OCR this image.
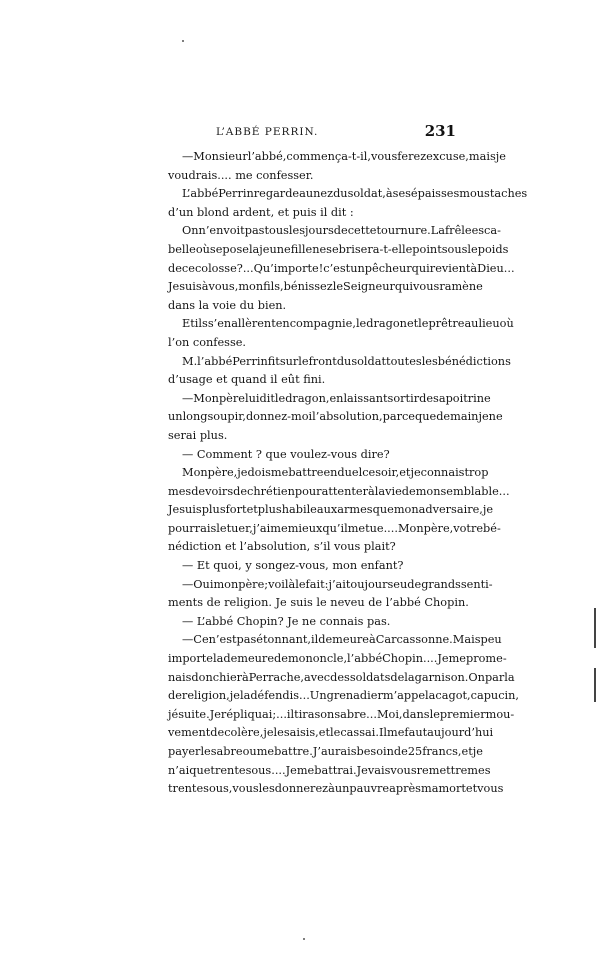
L’ABBÉ PERRIN.	231
— Monsieur l’abbé, commença-t-il, vous ferez excuse, mais je
voudrais.... me confesser.
L’abbé Perrin regarde au nez du soldat, à ses épaisses moustaches
d’un blond ardent, et puis il dit :
On n’en voit pas tous les jours de cette tournure. La frêle esca-
belle où se pose la jeune fille ne se brisera-t-elle point sous le poids
de ce colosse?... Qu’importe ! c’est un pêcheur qui revient à Dieu...
Je suis à vous, mon fils, bénissez le Seigneur qui vous ramène
dans la voie du bien.
Et ils s’en allèrent en compagnie, le dragon et le prêtre au lieu où
l’on confesse.
M. l’abbé Perrin fit sur le front du soldat toutes les bénédictions
d’usage et quand il eût fini.
— Mon père lui dit le dragon, en laissant sortir de sa poitrine
un long soupir, donnez-moi l’absolution, parce que demain je ne
serai plus.
— Comment ? que voulez-vous dire?
Mon père, je dois me battre en duel ce soir, et je connais trop
mes devoirs de chrétien pour attenter à la vie de mon semblable...
Je suis plus fort et plus habile aux armes que mon adversaire, je
pourrais le tuer, j’aime mieux qu’il me tue.... Mon père, votre bé-
nédiction et l’absolution, s’il vous plait?
— Et quoi, y songez-vous, mon enfant?
— Oui mon père ; voilà le fait : j’ai toujours eu de grands senti-
ments de religion. Je suis le neveu de l’abbé Chopin.
— L’abbé Chopin? Je ne connais pas.
— Ce n’est pas étonnant, il demeure à Carcassonne. Mais peu
importe la demeure de mon oncle, l’abbé Chopin.... Je me prome-
nais donc hier à Perrache, avec des soldats de la garnison. On parla
de religion, je la défendis... Un grenadier m’appela cagot, capucin,
jésuite. Je répliquai ;... il tira son sabre... Moi, dans le premier mou-
vement de colère, je le saisis, et le cassai. Il me faut aujourd’hui
payer le sabre ou me battre. J’aurais besoin de 25 francs, et je
n’ai que trente sous.... Je me battrai. Je vais vous remettre mes
trente sous, vous les donnerez à un pauvre après ma mort et vous
